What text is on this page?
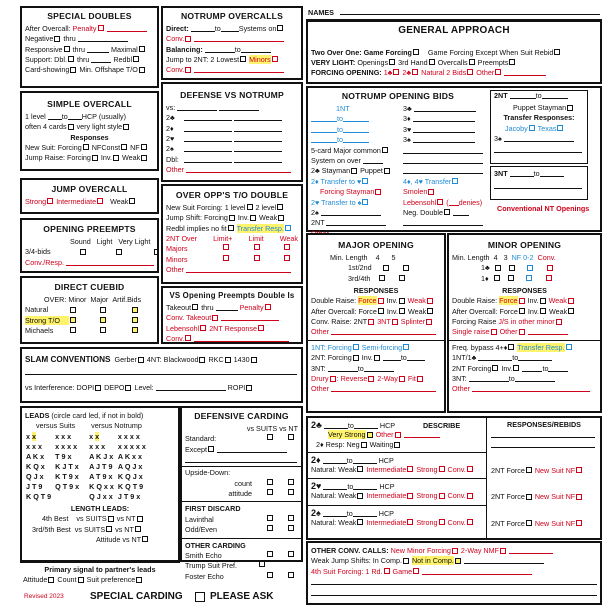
SPECIAL DOUBLES
After Overcall: Penalty
Negative thru
Responsive thru	Maximal
Support: Dbl. thru	Redbl
Card-showing Min. Offshape T/O
NOTRUMP OVERCALLS
Direct:	to	Systems on
Conv.
Balancing:	to
Jump to 2NT: 2 Lowest Minors
Conv.
NAMES
GENERAL APPROACH
Two Over One: Game Forcing Game Forcing Except When Suit Rebid
VERY LIGHT: Openings 3rd Hand Overcalls Preempts
FORCING OPENING: 1♣ 2♣ Natural 2 Bids Other
SIMPLE OVERCALL
1 level to HCP (usually)
often 4 cards very light style
Responses
New Suit: Forcing NFConst NF
Jump Raise: Forcing Inv. Weak
DEFENSE VS NOTRUMP
vs:
2♣
2♦
2♥
2♠
Dbl:
Other
JUMP OVERCALL
Strong Intermediate Weak
OVER OPP'S T/O DOUBLE
New Suit Forcing: 1 level 2 level
Jump Shift: Forcing Inv. Weak
Redbl implies no fit Transfer Resp.
2NT Over Limit+ Limit Weak
Majors
Minors
Other
OPENING PREEMPTS
Sound Light Very Light
3/4-bids
Conv./Resp.
DIRECT CUEBID
OVER: Minor Major Artif.Bids
Natural
Strong T/O
Michaels
VS Opening Preempts Double Is
Takeout thru	Penalty
Conv. Takeout
Lebensohl 2NT Response
Conv.
NOTRUMP OPENING BIDS
1NT
to
to
to
5-card Major common
System on over
2♣ Stayman Puppet
2♦ Transfer to ♥
Forcing Stayman
2♥ Transfer to ♠
2♠
2NT
3♣
3♦
3♥
3♠
4♦, 4♥ Transfer
Smolen
Lebensohl ( denies)
Neg. Double
2NT	to
Puppet Stayman
Transfer Responses:
Jacoby Texas
3♠
3NT	to
Conventional NT Openings
MAJOR OPENING
Min. Length 4 5
1st/2nd
3rd/4th
RESPONSES
Double Raise: Force Inv. Weak
After Overcall: Force Inv. Weak
Conv. Raise: 2NT 3NT Splinter
Other
1NT: Forcing Semi-forcing
2NT: Forcing Inv.	to
3NT:	to
Drury : Reverse 2-Way Fit
Other
MINOR OPENING
Min. Length 4 3 NF 0-2 Conv.
1♣
1♦
RESPONSES
Double Raise: Force Inv. Weak
After Overcall: Force Inv. Weak
Forcing Raise J/S in other minor
Single raise Other
Freq. bypass 4+♦ Transfer Resp.
1NT/1♣	to
2NT Forcing Inv.	to
3NT:	to
Other
SLAM CONVENTIONS Gerber 4NT: Blackwood RKC 1430
vs Interference: DOPI DEPO Level:	ROPI
LEADS (circle card led, if not in bold)
versus Suits versus Notrump
x x	x x x
x x x	x x x x
A K x	T 9 x
K Q x	K J T x
Q J x	K T 9 x
J T 9	Q T 9 x
K Q T 9	
x x	x x x x
x x x	x x x x x
A K J x	A K x x
A J T 9	A Q J x
A T 9 x	K Q J x
K Q x x	K Q T 9
Q J x x	J T 9 x
LENGTH LEADS:
4th Best vs SUITS vs NT
3rd/5th Best vs SUITS vs NT
Attitude vs NT
DEFENSIVE CARDING
vs SUITS vs NT
Standard:
Except
Upside-Down:
count
attitude
FIRST DISCARD
Lavinthal
Odd/Even
OTHER CARDING
Smith Echo
Trump Suit Pref.
Foster Echo
Primary signal to partner's leads
Attitude Count Suit preference
Revised 2023	SPECIAL CARDING	PLEASE ASK
2♣	to	HCP	DESCRIBE
Very Strong Other
2♦ Resp: Neg Waiting
2♦	to	HCP
Natural: Weak Intermediate Strong Conv.
2♥	to	HCP
Natural: Weak Intermediate Strong Conv.
2♠	to	HCP
Natural: Weak Intermediate Strong Conv.
RESPONSES/REBIDS
2NT Force New Suit NF
2NT Force New Suit NF
2NT Force New Suit NF
OTHER CONV. CALLS: New Minor Forcing 2-Way NMF
Weak Jump Shifts: In Comp. Not in Comp.
4th Suit Forcing: 1 Rd. Game
